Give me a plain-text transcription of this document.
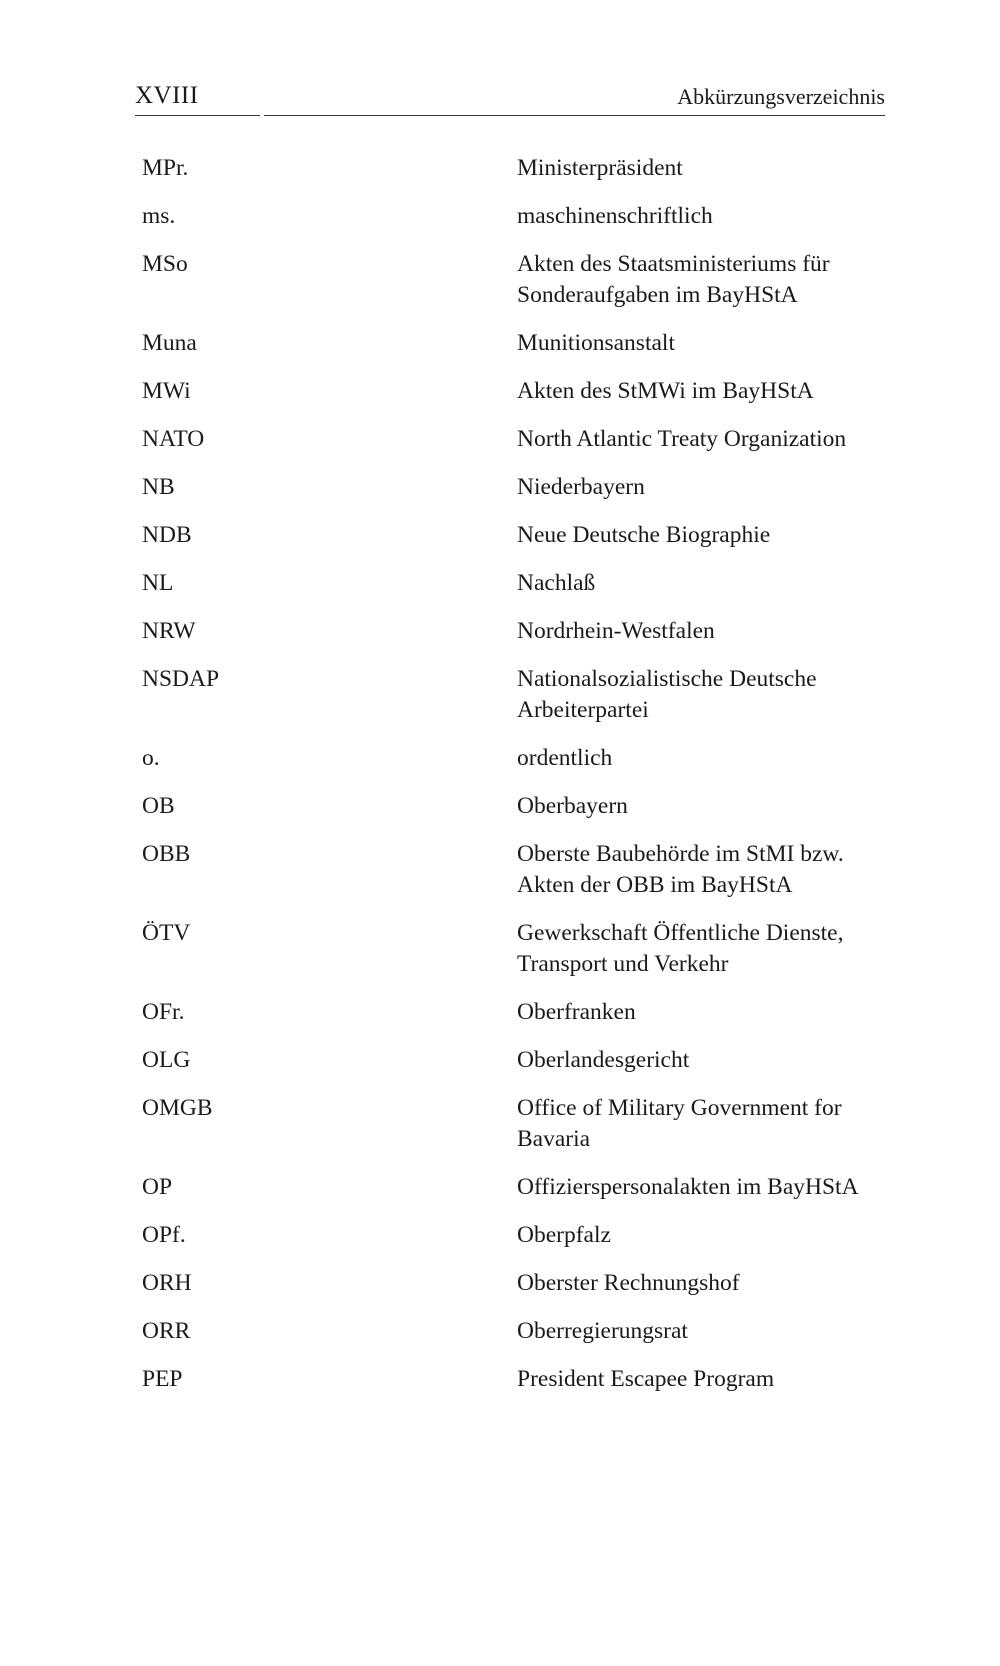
XVIII	Abkürzungsverzeichnis
MPr.	Ministerpräsident
ms.	maschinenschriftlich
MSo	Akten des Staatsministeriums für
Sonderaufgaben im BayHStA
Muna	Munitionsanstalt
MWi	Akten des StMWi im BayHStA
NATO	North Atlantic Treaty Organization
NB	Niederbayern
NDB	Neue Deutsche Biographie
NL	Nachlaß
NRW	Nordrhein-Westfalen
NSDAP	Nationalsozialistische Deutsche
Arbeiterpartei
o.	ordentlich
OB	Oberbayern
OBB	Oberste Baubehörde im StMI bzw.
Akten der OBB im BayHStA
ÖTV	Gewerkschaft Öffentliche Dienste,
Transport und Verkehr
OFr.	Oberfranken
OLG	Oberlandesgericht
OMGB	Office of Military Government for
Bavaria
OP	Offizierspersonalakten im BayHStA
OPf.	Oberpfalz
ORH	Oberster Rechnungshof
ORR	Oberregierungsrat
PEP	President Escapee Program
